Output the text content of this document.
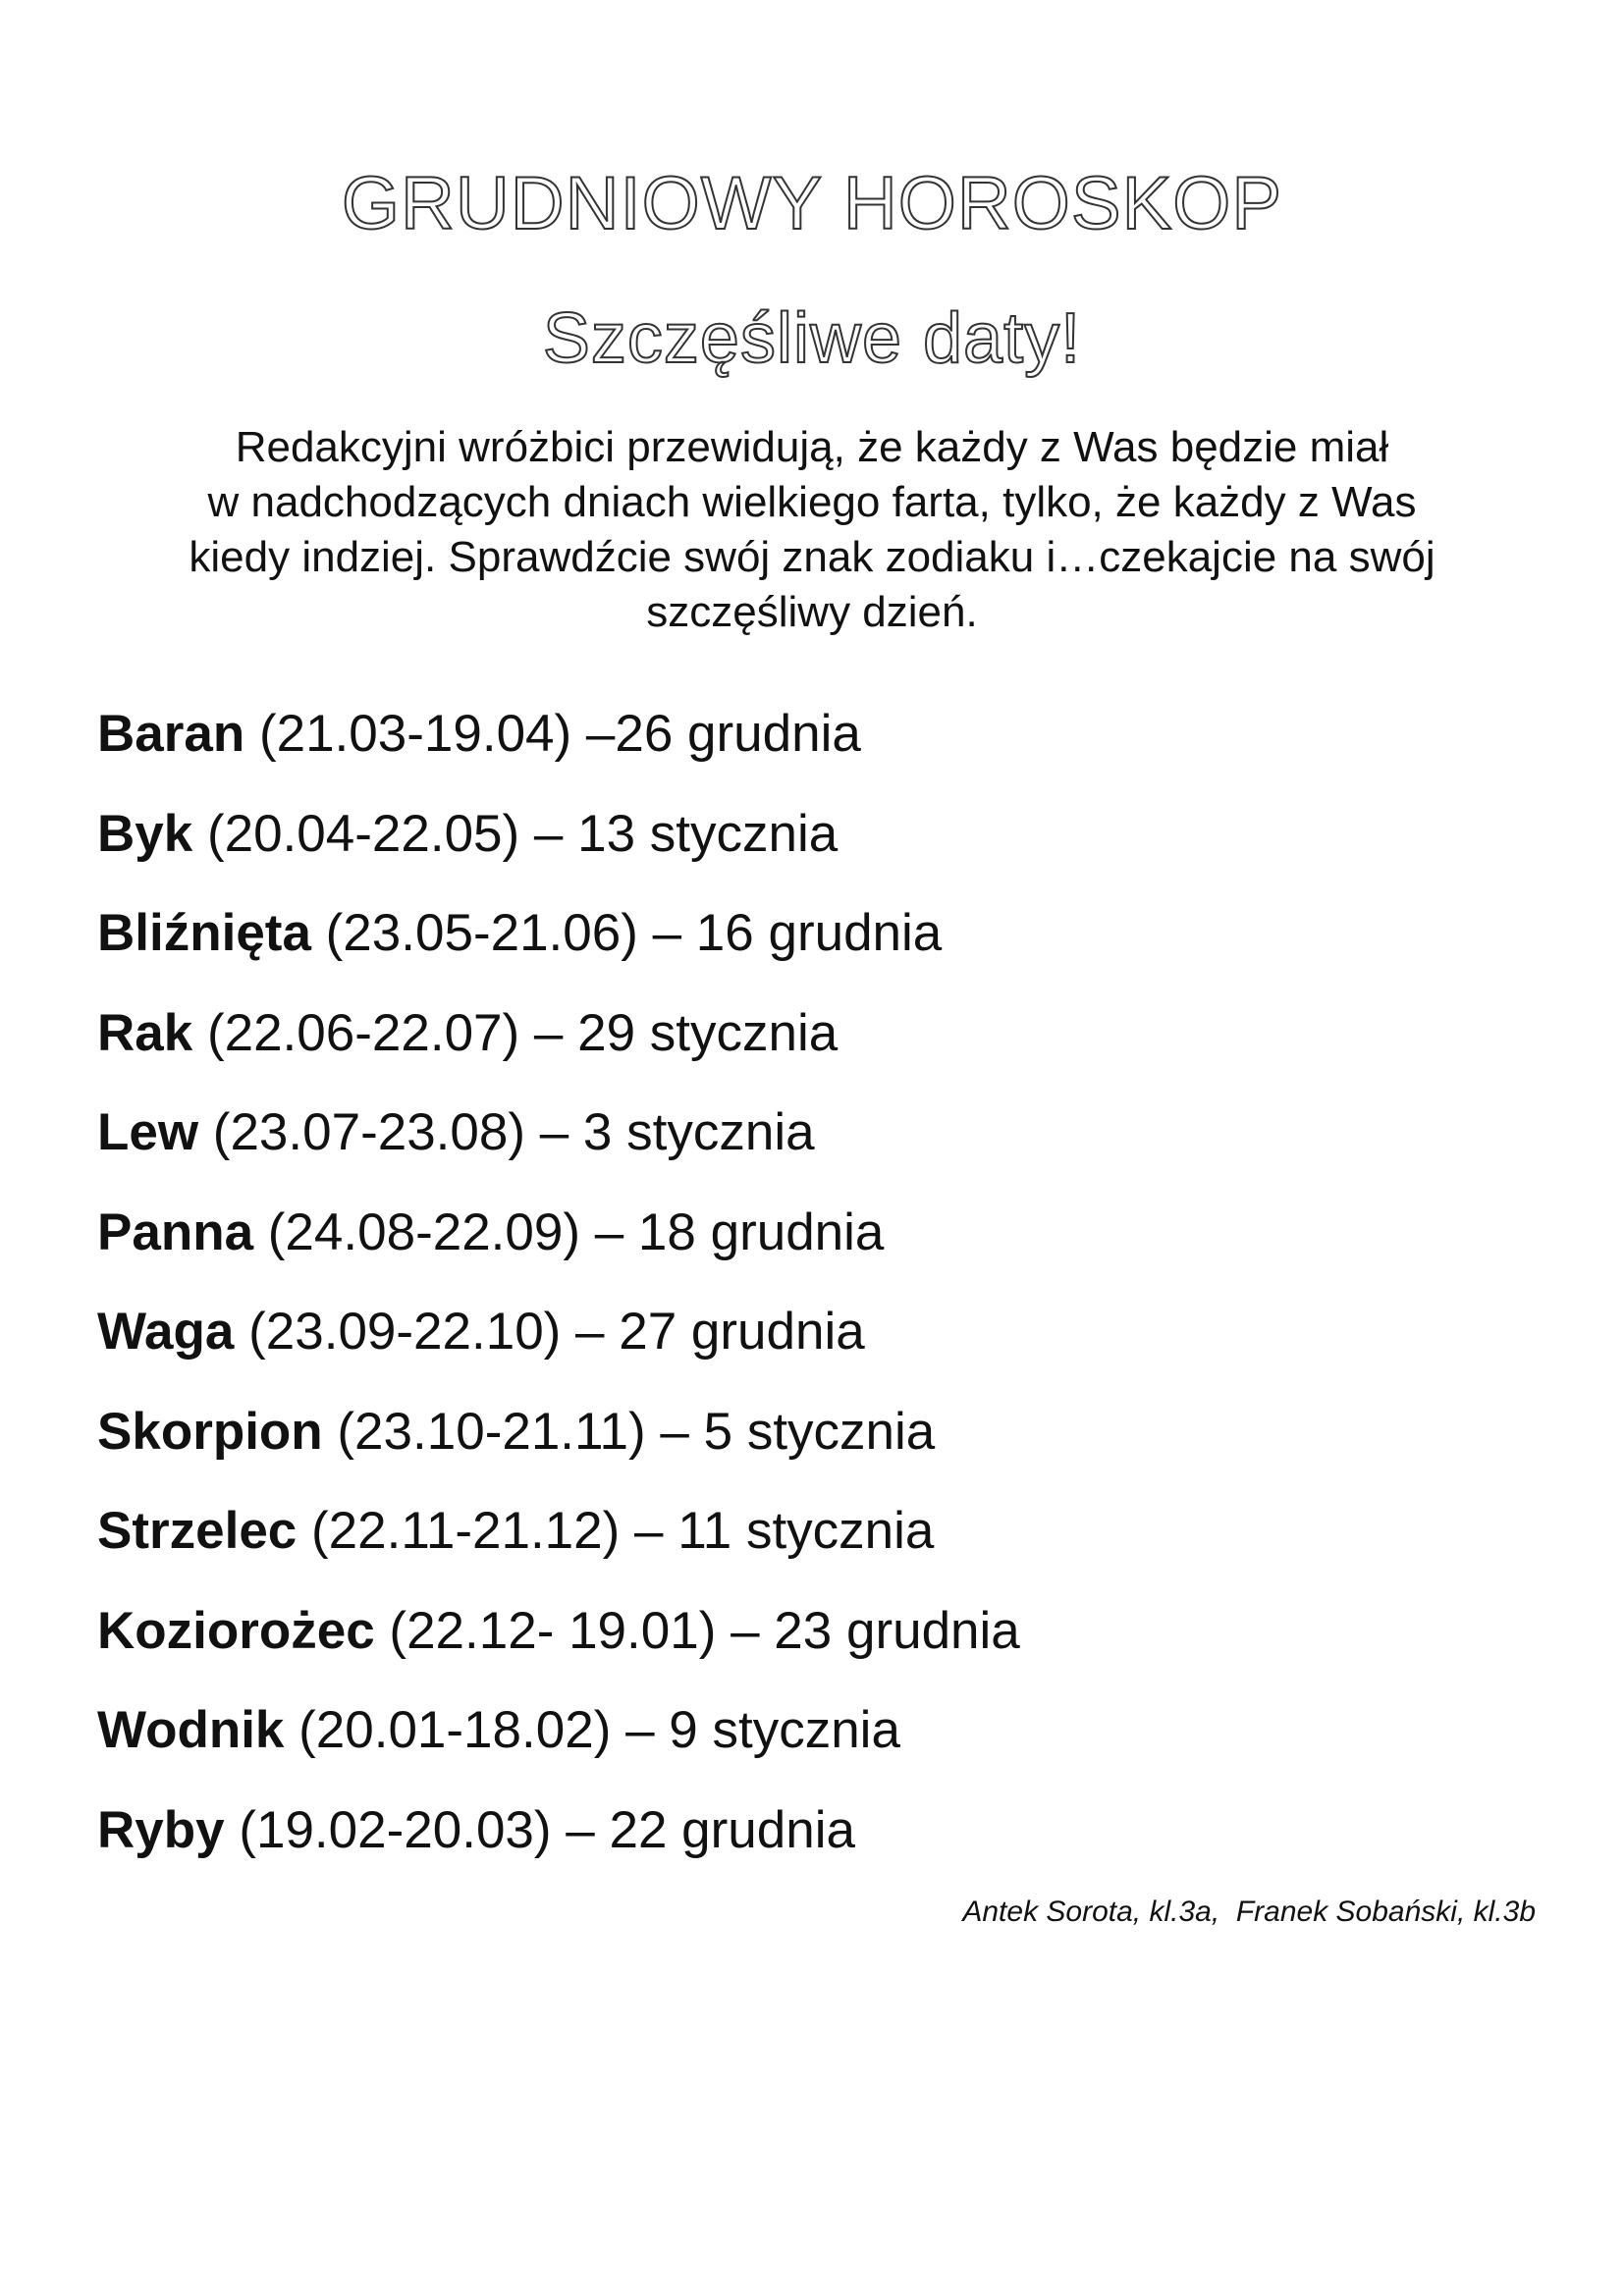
GRUDNIOWY HOROSKOP
Szczęśliwe daty!

Redakcyjni wróżbici przewidują, że każdy z Was będzie miał
w nadchodzących dniach wielkiego farta, tylko, że każdy z Was
kiedy indziej. Sprawdźcie swój znak zodiaku i…czekajcie na swój
szczęśliwy dzień.

Baran (21.03-19.04) –26 grudnia
Byk (20.04-22.05) – 13 stycznia
Bliźnięta (23.05-21.06) – 16 grudnia
Rak (22.06-22.07) – 29 stycznia
Lew (23.07-23.08) – 3 stycznia
Panna (24.08-22.09) – 18 grudnia
Waga (23.09-22.10) – 27 grudnia
Skorpion (23.10-21.11) – 5 stycznia
Strzelec (22.11-21.12) – 11 stycznia
Koziorożec (22.12- 19.01) – 23 grudnia
Wodnik (20.01-18.02) – 9 stycznia
Ryby (19.02-20.03) – 22 grudnia
Antek Sorota, kl.3a,  Franek Sobański, kl.3b
